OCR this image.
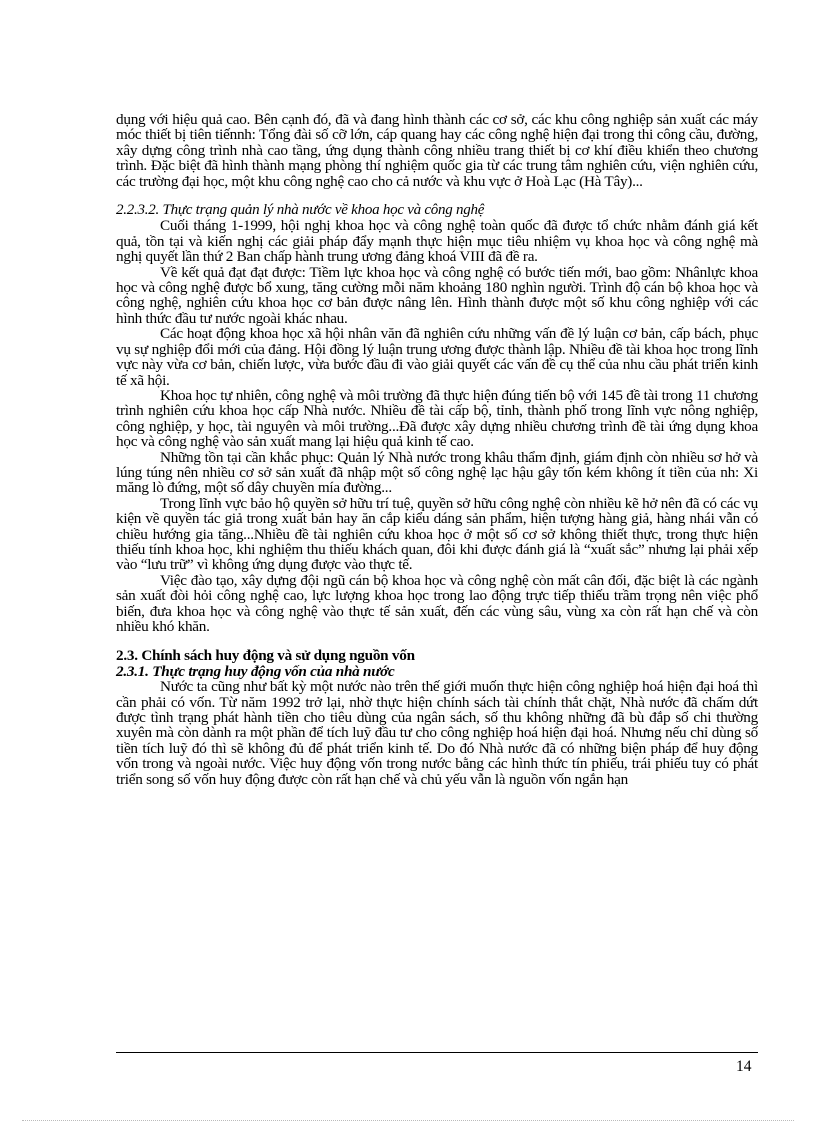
dụng với hiệu quả cao. Bên cạnh đó, đã và đang hình thành các cơ sở, các khu công nghiệp sản xuất các máy móc thiết bị tiên tiếnnh: Tổng đài số cỡ lớn, cáp quang hay các công nghệ hiện đại trong thi công cầu, đường, xây dựng công trình nhà cao tầng, ứng dụng thành công nhiều trang thiết bị cơ khí điều khiển theo chương trình. Đặc biệt đã hình thành mạng phòng thí nghiệm quốc gia từ các trung tâm nghiên cứu, viện nghiên cứu, các trường đại học, một khu công nghệ cao cho cả nước và khu vực ở Hoà Lạc (Hà Tây)...

2.2.3.2. Thực trạng quản lý nhà nước về khoa học và công nghệ

Cuối tháng 1-1999, hội nghị khoa học và công nghệ toàn quốc đã được tổ chức nhằm đánh giá kết quả, tồn tại và kiến nghị các giải pháp đẩy mạnh thực hiện mục tiêu nhiệm vụ khoa học và công nghệ mà nghị quyết lần thứ 2 Ban chấp hành trung ương đảng khoá VIII đã đề ra.

Về kết quả đạt đạt được: Tiềm lực khoa học và công nghệ có bước tiến mới, bao gồm: Nhânlực khoa học và công nghệ được bổ xung, tăng cường mỗi năm khoảng 180 nghìn người. Trình độ cán bộ khoa học và công nghệ, nghiên cứu khoa học cơ bản được nâng lên. Hình thành được một số khu công nghiệp với các hình thức đầu tư nước ngoài khác nhau.

Các hoạt động khoa học xã hội nhân văn đã nghiên cứu những vấn đề lý luận cơ bản, cấp bách, phục vụ sự nghiệp đổi mới của đảng. Hội đồng lý luận trung ương được thành lập. Nhiều đề tài khoa học trong lĩnh vực này vừa cơ bản, chiến lược, vừa bước đầu đi vào giải quyết các vấn đề cụ thể của nhu cầu phát triển kinh tế xã hội.

Khoa học tự nhiên, công nghệ và môi trường đã thực hiện đúng tiến bộ với 145 đề tài trong 11 chương trình nghiên cứu khoa học cấp Nhà nước. Nhiều đề tài cấp bộ, tỉnh, thành phố trong lĩnh vực nông nghiệp, công nghiệp, y học, tài nguyên và môi trường...Đã được xây dựng nhiều chương trình đề tài ứng dụng khoa học và công nghệ vào sản xuất mang lại hiệu quả kinh tế cao.

Những tồn tại cần khắc phục: Quản lý Nhà nước trong khâu thẩm định, giám định còn nhiều sơ hở và lúng túng nên nhiều cơ sở sản xuất đã nhập một số công nghệ lạc hậu gây tốn kém không ít tiền của nh: Xi măng lò đứng, một số dây chuyền mía đường...

Trong lĩnh vực bảo hộ quyền sở hữu trí tuệ, quyền sở hữu công nghệ còn nhiều kẽ hở nên đã có các vụ kiện về quyền tác giả trong xuất bản hay ăn cắp kiểu dáng sản phẩm, hiện tượng hàng giả, hàng nhái vẫn có chiều hướng gia tăng...Nhiều đề tài nghiên cứu khoa học ở một số cơ sở không thiết thực, trong thực hiện thiếu tính khoa học, khi nghiệm thu thiếu khách quan, đôi khi được đánh giá là “xuất sắc” nhưng lại phải xếp vào “lưu trữ” vì không ứng dụng được vào thực tế.

Việc đào tạo, xây dựng đội ngũ cán bộ khoa học và công nghệ còn mất cân đối, đặc biệt là các ngành sản xuất đòi hỏi công nghệ cao, lực lượng khoa học trong lao động trực tiếp thiếu trầm trọng nên việc phổ biến, đưa khoa học và công nghệ vào thực tế sản xuất, đến các vùng sâu, vùng xa còn rất hạn chế và còn nhiều khó khăn.

2.3. Chính sách huy động và sử dụng nguồn vốn

2.3.1. Thực trạng huy động vốn của nhà nước

Nước ta cũng như bất kỳ một nước nào trên thế giới muốn thực hiện công nghiệp hoá hiện đại hoá thì cần phải có vốn. Từ năm 1992 trở lại, nhờ thực hiện chính sách tài chính thắt chặt, Nhà nước đã chấm dứt được tình trạng phát hành tiền cho tiêu dùng của ngân sách, số thu không những đã bù đắp số chi thường xuyên mà còn dành ra một phần để tích luỹ đầu tư cho công nghiệp hoá hiện đại hoá. Nhưng nếu chỉ dùng số tiền tích luỹ đó thì sẽ không đủ để phát triển kinh tế. Do đó Nhà nước đã có những biện pháp để huy động vốn trong và ngoài nước. Việc huy động vốn trong nước bằng các hình thức tín phiếu, trái phiếu tuy có phát triển song số vốn huy động được còn rất hạn chế và chủ yếu vẫn là nguồn vốn ngắn hạn

14
